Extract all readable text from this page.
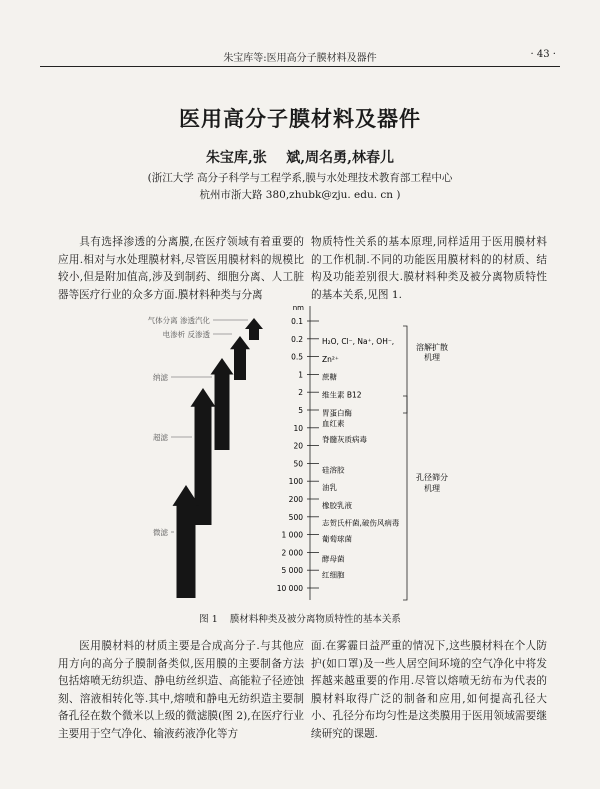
朱宝库等:医用高分子膜材料及器件	· 43 ·
医用高分子膜材料及器件
朱宝库,张    斌,周名勇,林春儿
(浙江大学 高分子科学与工程学系,膜与水处理技术教育部工程中心
杭州市浙大路 380,zhubk@zju. edu. cn )

具有选择渗透的分离膜,在医疗领域有着重要的应用.相对与水处理膜材料,尽管医用膜材料的规模比较小,但是附加值高,涉及到制药、细胞分离、人工脏器等医疗行业的众多方面.膜材料种类与分离

物质特性关系的基本原理,同样适用于医用膜材料的工作机制.不同的功能医用膜材料的的材质、结构及功能差别很大.膜材料种类及被分离物质特性的基本关系,见图 1.

nm
0.1
0.2
0.5
1
2
5
10
20
50
100
200
500
1 000
2 000
5 000
10 000
H₂O, Cl⁻, Na⁺, OH⁻,
Zn²⁺
蔗糖
维生素 B12
胃蛋白酶
血红素
脊髓灰质病毒
硅溶胶
油乳
橡胶乳液
志贺氏杆菌,破伤风病毒
葡萄球菌
酵母菌
红细胞
溶解扩散
机理
孔径筛分
机理
气体分离 渗透汽化
电渗析 反渗透
纳滤
超滤
微滤
图 1    膜材料种类及被分离物质特性的基本关系

医用膜材料的材质主要是合成高分子.与其他应用方向的高分子膜制备类似,医用膜的主要制备方法包括熔喷无纺织造、静电纺丝织造、高能粒子径迹蚀刻、溶液相转化等.其中,熔喷和静电无纺织造主要制备孔径在数个微米以上级的微滤膜(图 2),在医疗行业主要用于空气净化、输液药液净化等方

面.在雾霾日益严重的情况下,这些膜材料在个人防护(如口罩)及一些人居空间环境的空气净化中将发挥越来越重要的作用.尽管以熔喷无纺布为代表的膜材料取得广泛的制备和应用,如何提高孔径大小、孔径分布均匀性是这类膜用于医用领域需要继续研究的课题.
